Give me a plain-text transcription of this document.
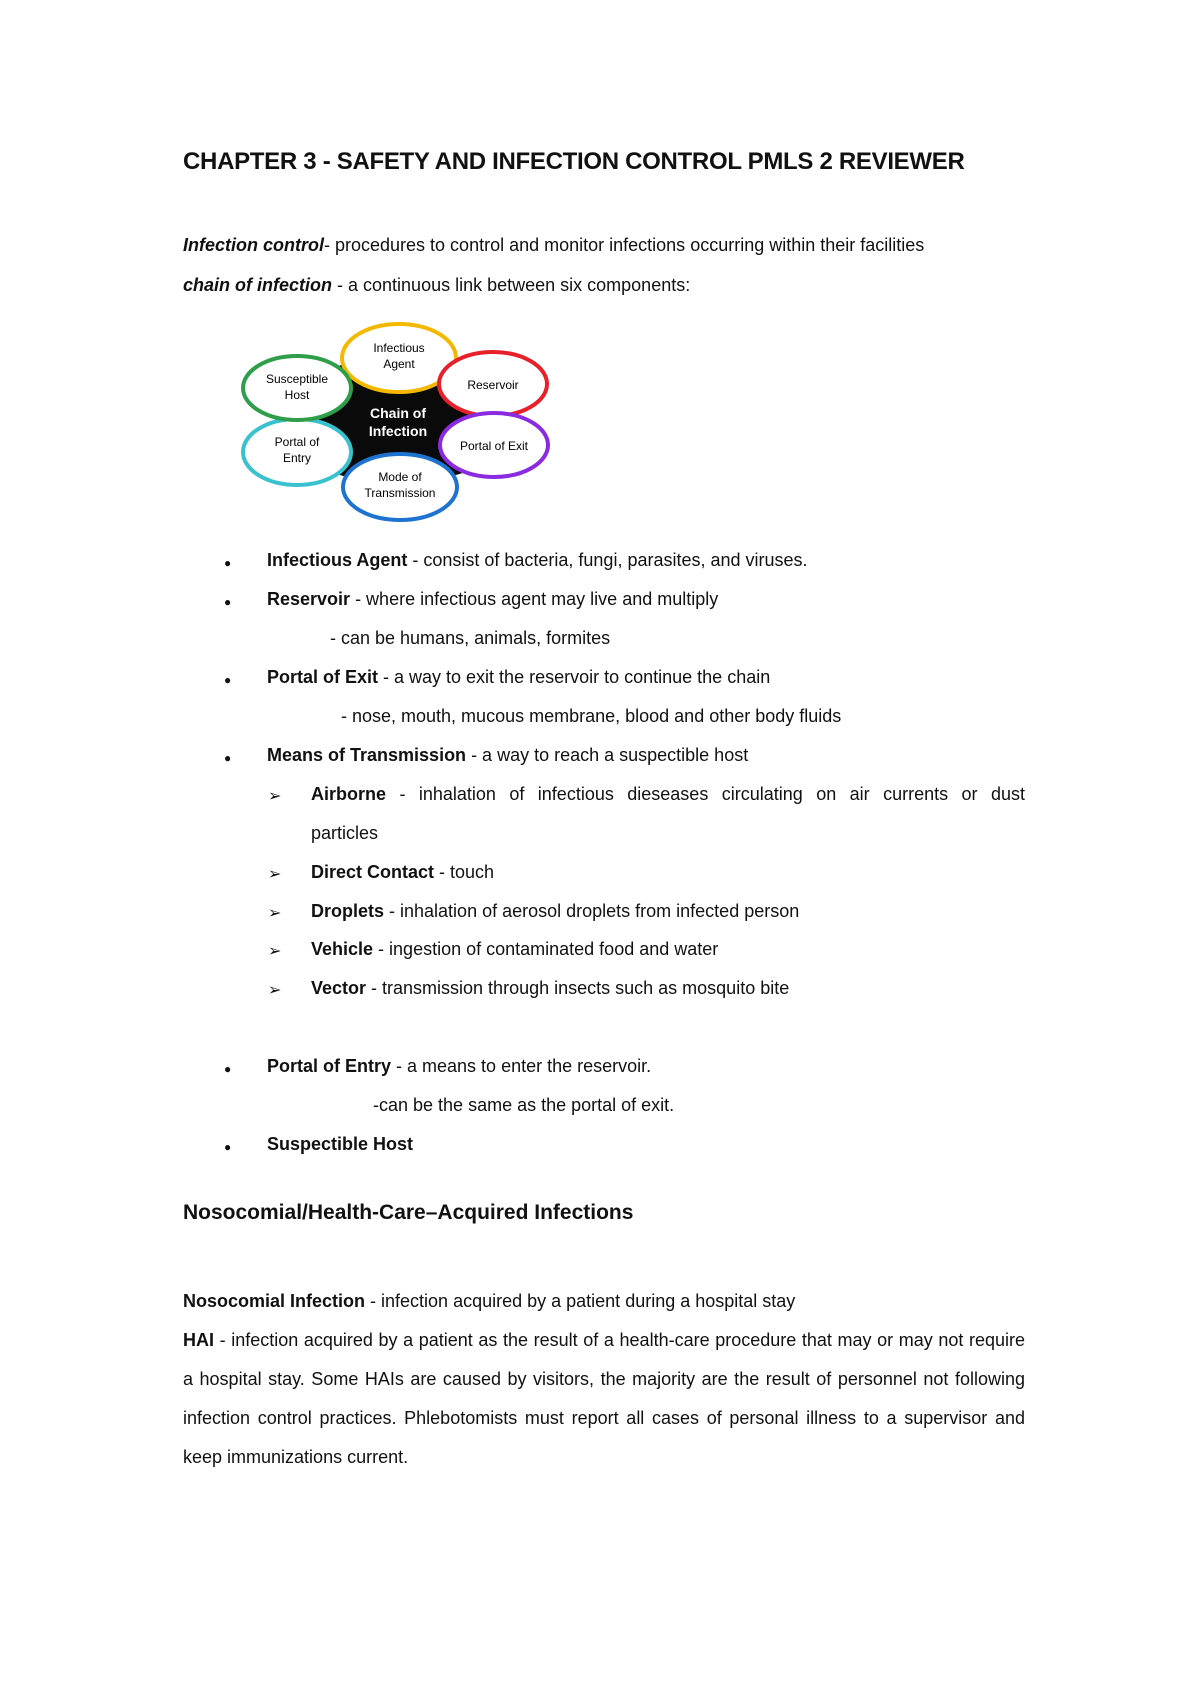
CHAPTER 3 - SAFETY AND INFECTION CONTROL PMLS 2 REVIEWER
Infection control- procedures to control and monitor infections occurring within their facilities
chain of infection - a continuous link between six components:
Chain of
Infection
Infectious
Agent
Reservoir
Portal of Exit
Mode of
Transmission
Portal of
Entry
Susceptible
Host
● Infectious Agent - consist of bacteria, fungi, parasites, and viruses.
● Reservoir - where infectious agent may live and multiply
- can be humans, animals, formites
● Portal of Exit - a way to exit the reservoir to continue the chain
- nose, mouth, mucous membrane, blood and other body fluids
● Means of Transmission - a way to reach a suspectible host
➢ Airborne - inhalation of infectious dieseases circulating on air currents or dust
particles
➢ Direct Contact - touch
➢ Droplets - inhalation of aerosol droplets from infected person
➢ Vehicle - ingestion of contaminated food and water
➢ Vector - transmission through insects such as mosquito bite
● Portal of Entry - a means to enter the reservoir.
-can be the same as the portal of exit.
● Suspectible Host
Nosocomial/Health-Care–Acquired Infections
Nosocomial Infection - infection acquired by a patient during a hospital stay
HAI - infection acquired by a patient as the result of a health-care procedure that may or may not require a hospital stay. Some HAIs are caused by visitors, the majority are the result of personnel not following infection control practices. Phlebotomists must report all cases of personal illness to a supervisor and keep immunizations current.
